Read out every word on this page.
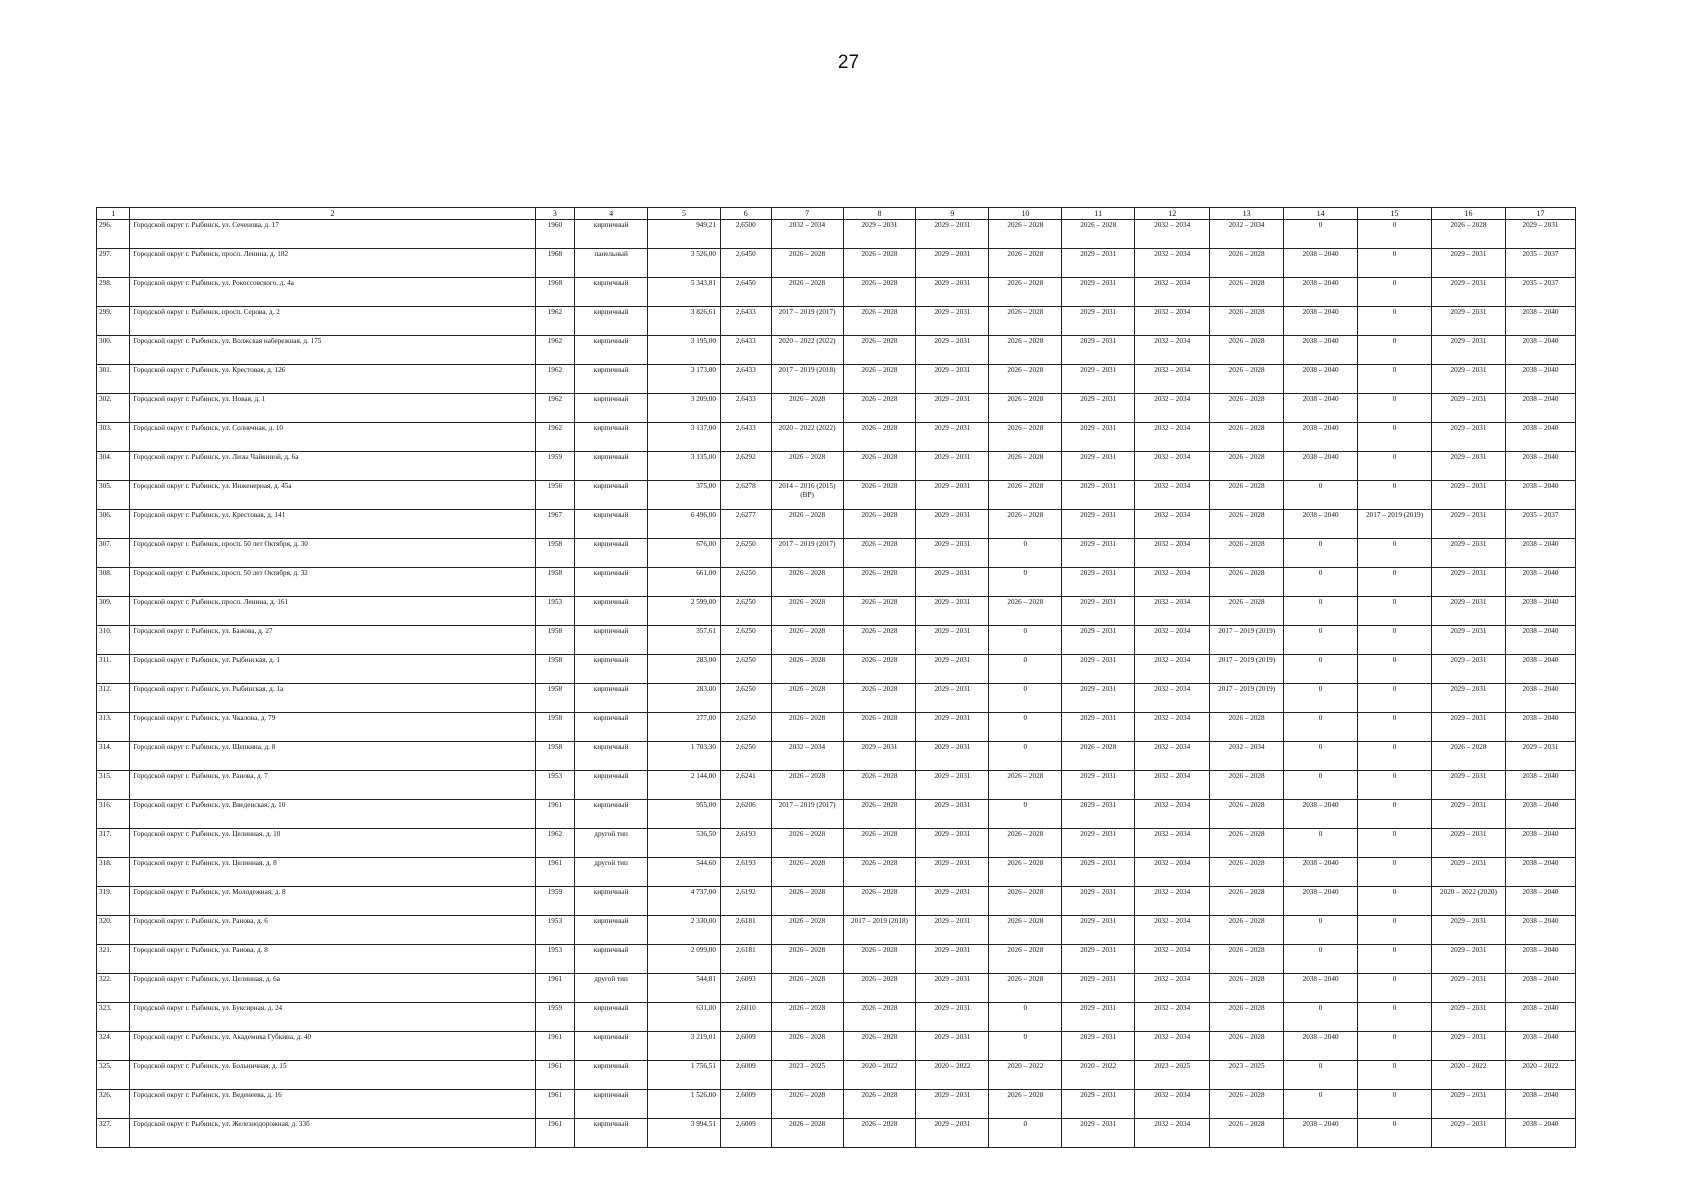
27
1	2	3	4	5	6	7	8	9	10	11	12	13	14	15	16	17
296.	Городской округ г. Рыбинск, ул. Сеченова, д. 17	1960	кирпичный	949,21	2,6500	2032 – 2034	2029 – 2031	2029 – 2031	2026 – 2028	2026 – 2028	2032 – 2034	2032 – 2034	0	0	2026 – 2028	2029 – 2031
297.	Городской округ г. Рыбинск, просп. Ленина, д. 182	1968	панельный	3 526,00	2,6450	2026 – 2028	2026 – 2028	2029 – 2031	2026 – 2028	2029 – 2031	2032 – 2034	2026 – 2028	2038 – 2040	0	2029 – 2031	2035 – 2037
298.	Городской округ г. Рыбинск, ул. Рокоссовского, д. 4а	1968	кирпичный	5 343,81	2,6450	2026 – 2028	2026 – 2028	2029 – 2031	2026 – 2028	2029 – 2031	2032 – 2034	2026 – 2028	2038 – 2040	0	2029 – 2031	2035 – 2037
299.	Городской округ г. Рыбинск, просп. Серова, д. 2	1962	кирпичный	3 826,61	2,6433	2017 – 2019 (2017)	2026 – 2028	2029 – 2031	2026 – 2028	2029 – 2031	2032 – 2034	2026 – 2028	2038 – 2040	0	2029 – 2031	2038 – 2040
300.	Городской округ г. Рыбинск, ул. Волжская набережная, д. 175	1962	кирпичный	3 195,00	2,6433	2020 – 2022 (2022)	2026 – 2028	2029 – 2031	2026 – 2028	2029 – 2031	2032 – 2034	2026 – 2028	2038 – 2040	0	2029 – 2031	2038 – 2040
301.	Городской округ г. Рыбинск, ул. Крестовая, д. 126	1962	кирпичный	3 173,00	2,6433	2017 – 2019 (2018)	2026 – 2028	2029 – 2031	2026 – 2028	2029 – 2031	2032 – 2034	2026 – 2028	2038 – 2040	0	2029 – 2031	2038 – 2040
302.	Городской округ г. Рыбинск, ул. Новая, д. 1	1962	кирпичный	3 209,00	2,6433	2026 – 2028	2026 – 2028	2029 – 2031	2026 – 2028	2029 – 2031	2032 – 2034	2026 – 2028	2038 – 2040	0	2029 – 2031	2038 – 2040
303.	Городской округ г. Рыбинск, ул. Солнечная, д. 10	1962	кирпичный	3 137,00	2,6433	2020 – 2022 (2022)	2026 – 2028	2029 – 2031	2026 – 2028	2029 – 2031	2032 – 2034	2026 – 2028	2038 – 2040	0	2029 – 2031	2038 – 2040
304.	Городской округ г. Рыбинск, ул. Лизы Чайкиной, д. 6а	1959	кирпичный	3 135,00	2,6292	2026 – 2028	2026 – 2028	2029 – 2031	2026 – 2028	2029 – 2031	2032 – 2034	2026 – 2028	2038 – 2040	0	2029 – 2031	2038 – 2040
305.	Городской округ г. Рыбинск, ул. Инженерная, д. 45а	1956	кирпичный	375,00	2,6278	2014 – 2016 (2015) (ВР)	2026 – 2028	2029 – 2031	2026 – 2028	2029 – 2031	2032 – 2034	2026 – 2028	0	0	2029 – 2031	2038 – 2040
306.	Городской округ г. Рыбинск, ул. Крестовая, д. 141	1967	кирпичный	6 496,00	2,6277	2026 – 2028	2026 – 2028	2029 – 2031	2026 – 2028	2029 – 2031	2032 – 2034	2026 – 2028	2038 – 2040	2017 – 2019 (2019)	2029 – 2031	2035 – 2037
307.	Городской округ г. Рыбинск, просп. 50 лет Октября, д. 30	1958	кирпичный	676,00	2,6250	2017 – 2019 (2017)	2026 – 2028	2029 – 2031	0	2029 – 2031	2032 – 2034	2026 – 2028	0	0	2029 – 2031	2038 – 2040
308.	Городской округ г. Рыбинск, просп. 50 лет Октября, д. 32	1958	кирпичный	661,00	2,6250	2026 – 2028	2026 – 2028	2029 – 2031	0	2029 – 2031	2032 – 2034	2026 – 2028	0	0	2029 – 2031	2038 – 2040
309.	Городской округ г. Рыбинск, просп. Ленина, д. 161	1953	кирпичный	2 599,00	2,6250	2026 – 2028	2026 – 2028	2029 – 2031	2026 – 2028	2029 – 2031	2032 – 2034	2026 – 2028	0	0	2029 – 2031	2038 – 2040
310.	Городской округ г. Рыбинск, ул. Бажова, д. 27	1958	кирпичный	357,61	2,6250	2026 – 2028	2026 – 2028	2029 – 2031	0	2029 – 2031	2032 – 2034	2017 – 2019 (2019)	0	0	2029 – 2031	2038 – 2040
311.	Городской округ г. Рыбинск, ул. Рыбинская, д. 1	1958	кирпичный	283,00	2,6250	2026 – 2028	2026 – 2028	2029 – 2031	0	2029 – 2031	2032 – 2034	2017 – 2019 (2019)	0	0	2029 – 2031	2038 – 2040
312.	Городской округ г. Рыбинск, ул. Рыбинская, д. 1а	1958	кирпичный	283,00	2,6250	2026 – 2028	2026 – 2028	2029 – 2031	0	2029 – 2031	2032 – 2034	2017 – 2019 (2019)	0	0	2029 – 2031	2038 – 2040
313.	Городской округ г. Рыбинск, ул. Чкалова, д. 79	1958	кирпичный	277,00	2,6250	2026 – 2028	2026 – 2028	2029 – 2031	0	2029 – 2031	2032 – 2034	2026 – 2028	0	0	2029 – 2031	2038 – 2040
314.	Городской округ г. Рыбинск, ул. Щепкина, д. 8	1958	кирпичный	1 703,30	2,6250	2032 – 2034	2029 – 2031	2029 – 2031	0	2026 – 2028	2032 – 2034	2032 – 2034	0	0	2026 – 2028	2029 – 2031
315.	Городской округ г. Рыбинск, ул. Ранова, д. 7	1953	кирпичный	2 144,00	2,6241	2026 – 2028	2026 – 2028	2029 – 2031	2026 – 2028	2029 – 2031	2032 – 2034	2026 – 2028	0	0	2029 – 2031	2038 – 2040
316.	Городской округ г. Рыбинск, ул. Введенская, д. 10	1961	кирпичный	955,00	2,6206	2017 – 2019 (2017)	2026 – 2028	2029 – 2031	0	2029 – 2031	2032 – 2034	2026 – 2028	2038 – 2040	0	2029 – 2031	2038 – 2040
317.	Городской округ г. Рыбинск, ул. Целинная, д. 10	1962	другой тип	536,50	2,6193	2026 – 2028	2026 – 2028	2029 – 2031	2026 – 2028	2029 – 2031	2032 – 2034	2026 – 2028	0	0	2029 – 2031	2038 – 2040
318.	Городской округ г. Рыбинск, ул. Целинная, д. 8	1961	другой тип	544,60	2,6193	2026 – 2028	2026 – 2028	2029 – 2031	2026 – 2028	2029 – 2031	2032 – 2034	2026 – 2028	2038 – 2040	0	2029 – 2031	2038 – 2040
319.	Городской округ г. Рыбинск, ул. Молодежная, д. 8	1959	кирпичный	4 737,00	2,6192	2026 – 2028	2026 – 2028	2029 – 2031	2026 – 2028	2029 – 2031	2032 – 2034	2026 – 2028	2038 – 2040	0	2020 – 2022 (2020)	2038 – 2040
320.	Городской округ г. Рыбинск, ул. Ранова, д. 6	1953	кирпичный	2 330,00	2,6181	2026 – 2028	2017 – 2019 (2018)	2029 – 2031	2026 – 2028	2029 – 2031	2032 – 2034	2026 – 2028	0	0	2029 – 2031	2038 – 2040
321.	Городской округ г. Рыбинск, ул. Ранова, д. 8	1953	кирпичный	2 099,00	2,6181	2026 – 2028	2026 – 2028	2029 – 2031	2026 – 2028	2029 – 2031	2032 – 2034	2026 – 2028	0	0	2029 – 2031	2038 – 2040
322.	Городской округ г. Рыбинск, ул. Целинная, д. 6а	1961	другой тип	544,81	2,6093	2026 – 2028	2026 – 2028	2029 – 2031	2026 – 2028	2029 – 2031	2032 – 2034	2026 – 2028	2038 – 2040	0	2029 – 2031	2038 – 2040
323.	Городской округ г. Рыбинск, ул. Буксирная, д. 24	1959	кирпичный	631,00	2,6010	2026 – 2028	2026 – 2028	2029 – 2031	0	2029 – 2031	2032 – 2034	2026 – 2028	0	0	2029 – 2031	2038 – 2040
324.	Городской округ г. Рыбинск, ул. Академика Губкина, д. 40	1961	кирпичный	3 219,01	2,6009	2026 – 2028	2026 – 2028	2029 – 2031	0	2029 – 2031	2032 – 2034	2026 – 2028	2038 – 2040	0	2029 – 2031	2038 – 2040
325.	Городской округ г. Рыбинск, ул. Больничная, д. 15	1961	кирпичный	1 756,51	2,6009	2023 – 2025	2020 – 2022	2020 – 2022	2020 – 2022	2020 – 2022	2023 – 2025	2023 – 2025	0	0	2020 – 2022	2020 – 2022
326.	Городской округ г. Рыбинск, ул. Веденеева, д. 16	1961	кирпичный	1 526,00	2,6009	2026 – 2028	2026 – 2028	2029 – 2031	2026 – 2028	2029 – 2031	2032 – 2034	2026 – 2028	0	0	2029 – 2031	2038 – 2040
327.	Городской округ г. Рыбинск, ул. Железнодорожная, д. 33б	1961	кирпичный	3 994,51	2,6009	2026 – 2028	2026 – 2028	2029 – 2031	0	2029 – 2031	2032 – 2034	2026 – 2028	2038 – 2040	0	2029 – 2031	2038 – 2040
